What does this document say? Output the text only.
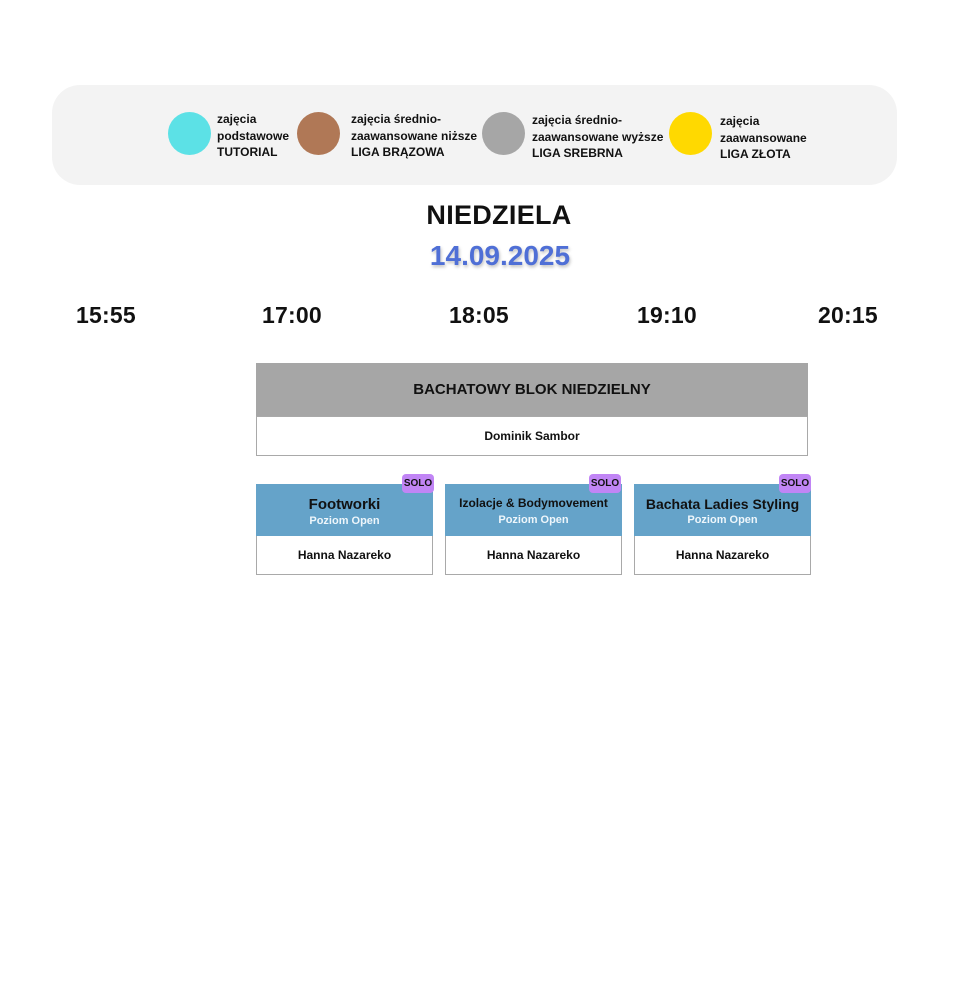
zajęcia
podstawowe
TUTORIAL
zajęcia średnio-
zaawansowane niższe
LIGA BRĄZOWA
zajęcia średnio-
zaawansowane wyższe
LIGA SREBRNA
zajęcia
zaawansowane
LIGA ZŁOTA
NIEDZIELA
14.09.2025
15:55	17:00	18:05	19:10	20:15
BACHATOWY BLOK NIEDZIELNY
Dominik Sambor
Footworki
Poziom Open
Hanna Nazareko
SOLO
Izolacje & Bodymovement
Poziom Open
Hanna Nazareko
SOLO
Bachata Ladies Styling
Poziom Open
Hanna Nazareko
SOLO
